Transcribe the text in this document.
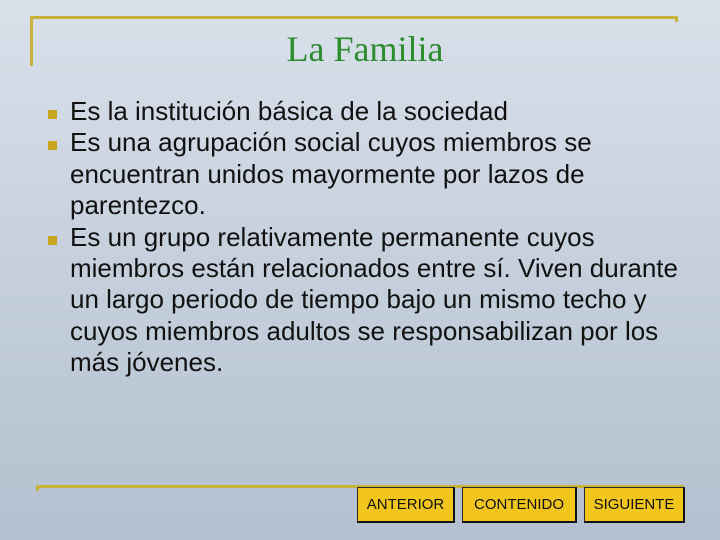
La Familia
Es la institución básica de la sociedad
Es una agrupación social cuyos miembros se encuentran unidos mayormente por lazos de parentezco.
Es un grupo relativamente permanente cuyos miembros están relacionados entre sí. Viven durante un largo periodo de tiempo bajo un mismo techo y cuyos miembros adultos se responsabilizan por los más jóvenes.
ANTERIOR	CONTENIDO	SIGUIENTE
